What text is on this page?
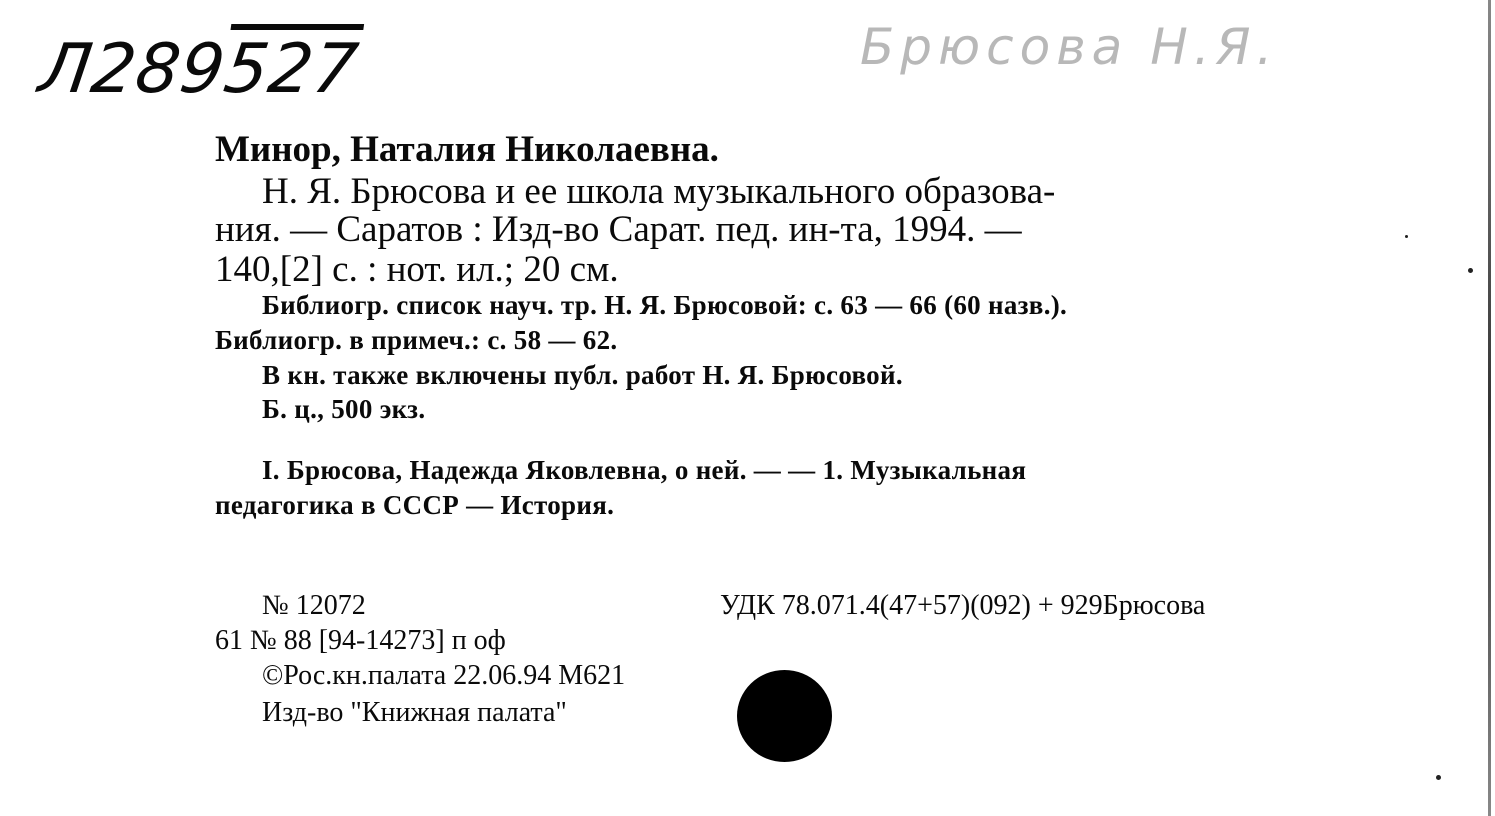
Л289527	Брюсова Н.Я.
Минор, Наталия Николаевна.
Н. Я. Брюсова и ее школа музыкального образова-
ния. — Саратов : Изд-во Сарат. пед. ин-та, 1994. —
140,[2] с. : нот. ил.; 20 см.
Библиогр. список науч. тр. Н. Я. Брюсовой: с. 63 — 66 (60 назв.).
Библиогр. в примеч.: с. 58 — 62.
В кн. также включены публ. работ Н. Я. Брюсовой.
Б. ц., 500 экз.
I. Брюсова, Надежда Яковлевна, о ней. — — 1. Музыкальная
педагогика в СССР — История.
№ 12072	УДК 78.071.4(47+57)(092) + 929Брюсова
61 № 88 [94-14273] п оф
©Рос.кн.палата 22.06.94 М621
Изд-во "Книжная палата"
